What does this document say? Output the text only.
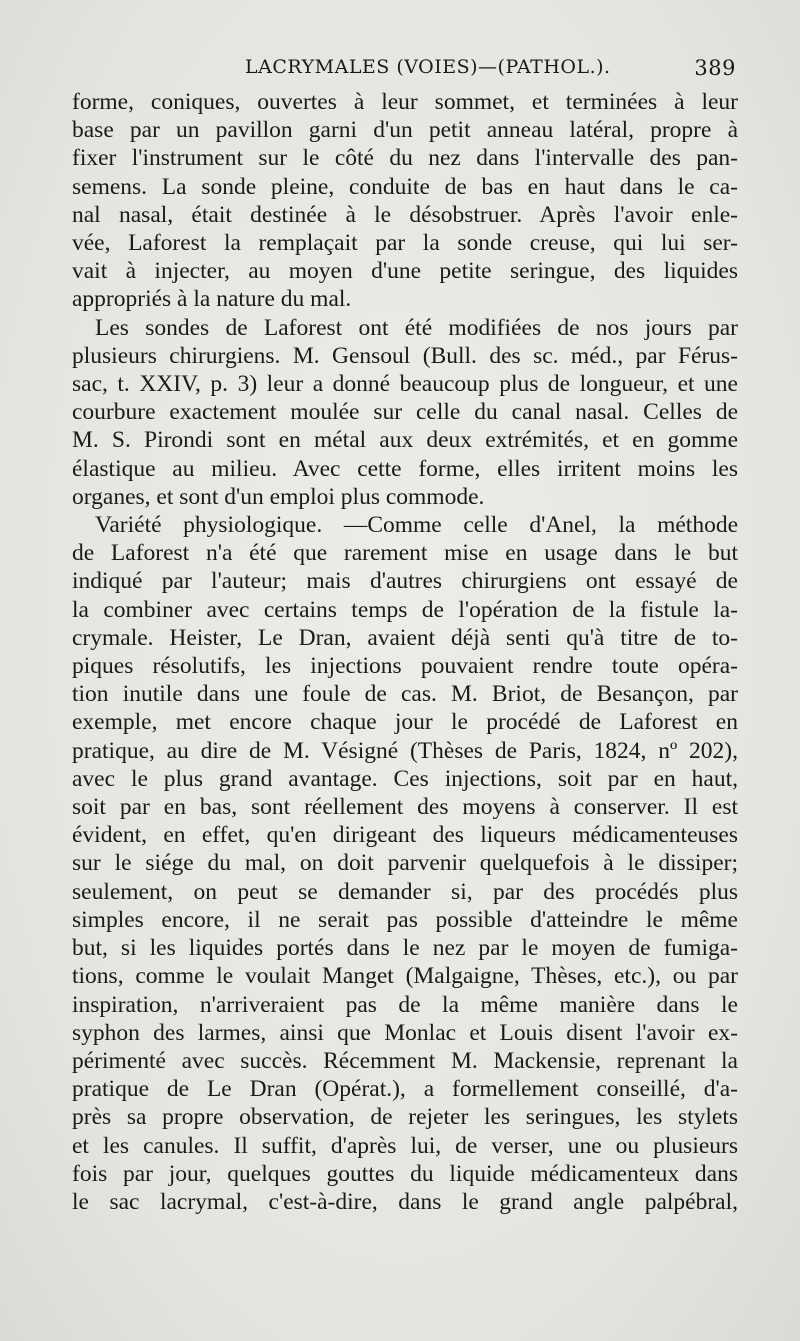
LACRYMALES (VOIES)—(PATHOL.).	389
forme, coniques, ouvertes à leur sommet, et terminées à leur
base par un pavillon garni d'un petit anneau latéral, propre à
fixer l'instrument sur le côté du nez dans l'intervalle des pan-
semens. La sonde pleine, conduite de bas en haut dans le ca-
nal nasal, était destinée à le désobstruer. Après l'avoir enle-
vée, Laforest la remplaçait par la sonde creuse, qui lui ser-
vait à injecter, au moyen d'une petite seringue, des liquides
appropriés à la nature du mal.
Les sondes de Laforest ont été modifiées de nos jours par
plusieurs chirurgiens. M. Gensoul (Bull. des sc. méd., par Férus-
sac, t. XXIV, p. 3) leur a donné beaucoup plus de longueur, et une
courbure exactement moulée sur celle du canal nasal. Celles de
M. S. Pirondi sont en métal aux deux extrémités, et en gomme
élastique au milieu. Avec cette forme, elles irritent moins les
organes, et sont d'un emploi plus commode.
Variété physiologique. —Comme celle d'Anel, la méthode
de Laforest n'a été que rarement mise en usage dans le but
indiqué par l'auteur; mais d'autres chirurgiens ont essayé de
la combiner avec certains temps de l'opération de la fistule la-
crymale. Heister, Le Dran, avaient déjà senti qu'à titre de to-
piques résolutifs, les injections pouvaient rendre toute opéra-
tion inutile dans une foule de cas. M. Briot, de Besançon, par
exemple, met encore chaque jour le procédé de Laforest en
pratique, au dire de M. Vésigné (Thèses de Paris, 1824, nº 202),
avec le plus grand avantage. Ces injections, soit par en haut,
soit par en bas, sont réellement des moyens à conserver. Il est
évident, en effet, qu'en dirigeant des liqueurs médicamenteuses
sur le siége du mal, on doit parvenir quelquefois à le dissiper;
seulement, on peut se demander si, par des procédés plus
simples encore, il ne serait pas possible d'atteindre le même
but, si les liquides portés dans le nez par le moyen de fumiga-
tions, comme le voulait Manget (Malgaigne, Thèses, etc.), ou par
inspiration, n'arriveraient pas de la même manière dans le
syphon des larmes, ainsi que Monlac et Louis disent l'avoir ex-
périmenté avec succès. Récemment M. Mackensie, reprenant la
pratique de Le Dran (Opérat.), a formellement conseillé, d'a-
près sa propre observation, de rejeter les seringues, les stylets
et les canules. Il suffit, d'après lui, de verser, une ou plusieurs
fois par jour, quelques gouttes du liquide médicamenteux dans
le sac lacrymal, c'est-à-dire, dans le grand angle palpébral,
